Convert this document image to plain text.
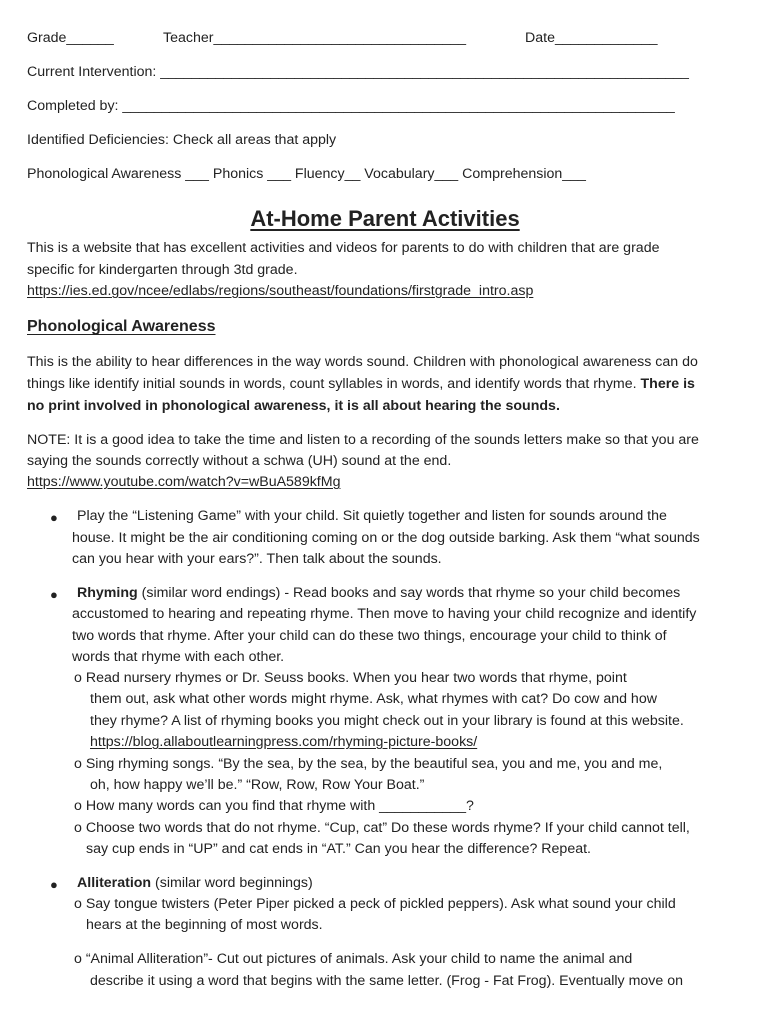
Grade______	Teacher________________________________	Date_____________
Current Intervention: ___________________________________________________________________
Completed by: ______________________________________________________________________
Identified Deficiencies: Check all areas that apply
Phonological Awareness ___ Phonics ___ Fluency__ Vocabulary___ Comprehension___
At-Home Parent Activities
This is a website that has excellent activities and videos for parents to do with children that are grade
specific for kindergarten through 3td grade.
https://ies.ed.gov/ncee/edlabs/regions/southeast/foundations/firstgrade_intro.asp
Phonological Awareness
This is the ability to hear differences in the way words sound. Children with phonological awareness can do
things like identify initial sounds in words, count syllables in words, and identify words that rhyme. There is
no print involved in phonological awareness, it is all about hearing the sounds.
NOTE: It is a good idea to take the time and listen to a recording of the sounds letters make so that you are
saying the sounds correctly without a schwa (UH) sound at the end.
https://www.youtube.com/watch?v=wBuA589kfMg
● Play the “Listening Game” with your child. Sit quietly together and listen for sounds around the
house. It might be the air conditioning coming on or the dog outside barking. Ask them “what sounds
can you hear with your ears?”. Then talk about the sounds.
● Rhyming (similar word endings) - Read books and say words that rhyme so your child becomes
accustomed to hearing and repeating rhyme. Then move to having your child recognize and identify
two words that rhyme. After your child can do these two things, encourage your child to think of
words that rhyme with each other.
o Read nursery rhymes or Dr. Seuss books. When you hear two words that rhyme, point
them out, ask what other words might rhyme. Ask, what rhymes with cat? Do cow and how
they rhyme? A list of rhyming books you might check out in your library is found at this website.
https://blog.allaboutlearningpress.com/rhyming-picture-books/
o Sing rhyming songs. “By the sea, by the sea, by the beautiful sea, you and me, you and me,
oh, how happy we’ll be.” “Row, Row, Row Your Boat.”
o How many words can you find that rhyme with ___________?
o Choose two words that do not rhyme. “Cup, cat” Do these words rhyme? If your child cannot tell,
say cup ends in “UP” and cat ends in “AT.” Can you hear the difference? Repeat.
● Alliteration (similar word beginnings)
o Say tongue twisters (Peter Piper picked a peck of pickled peppers). Ask what sound your child
hears at the beginning of most words.
o “Animal Alliteration”- Cut out pictures of animals. Ask your child to name the animal and
describe it using a word that begins with the same letter. (Frog - Fat Frog). Eventually move on
